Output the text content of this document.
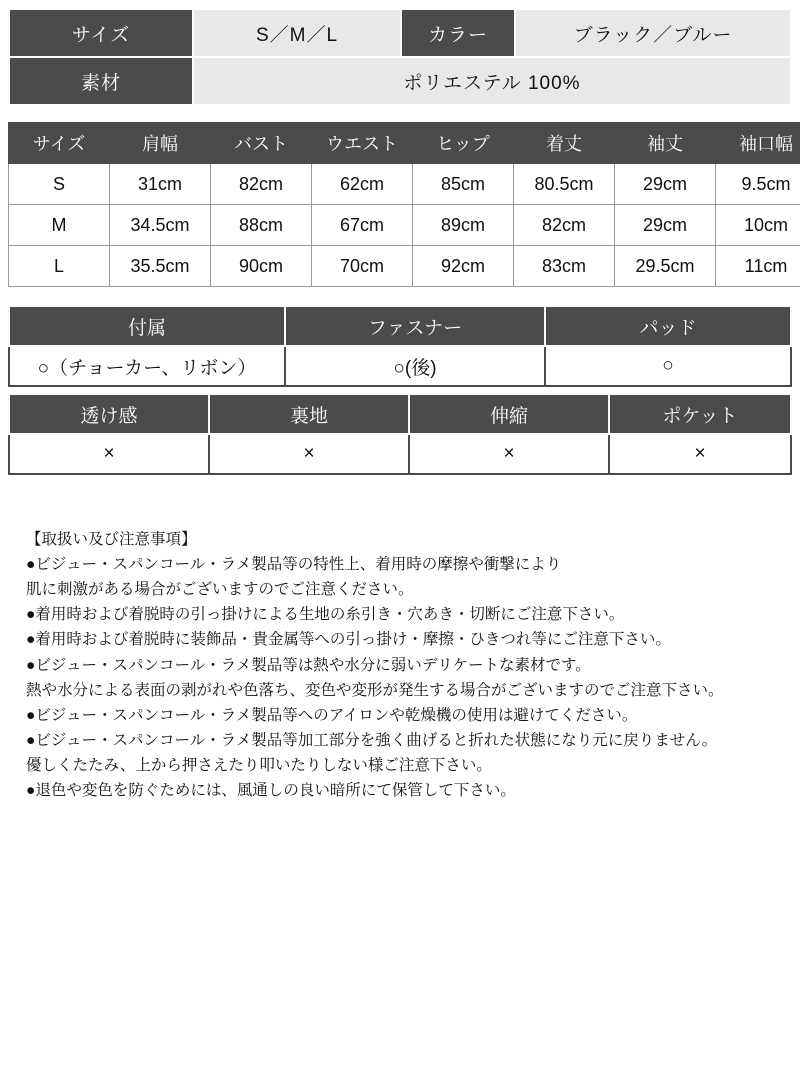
サイズ	S／M／L	カラー	ブラック／ブルー
素材	ポリエステル 100%		
サイズ	肩幅	バスト	ウエスト	ヒップ	着丈	袖丈	袖口幅
S	31cm	82cm	62cm	85cm	80.5cm	29cm	9.5cm
M	34.5cm	88cm	67cm	89cm	82cm	29cm	10cm
L	35.5cm	90cm	70cm	92cm	83cm	29.5cm	11cm
付属	ファスナー	パッド
○（チョーカー、リボン）	○(後)	○
透け感	裏地	伸縮	ポケット
×	×	×	×
【取扱い及び注意事項】
●ビジュー・スパンコール・ラメ製品等の特性上、着用時の摩擦や衝撃により
肌に刺激がある場合がございますのでご注意ください。
●着用時および着脱時の引っ掛けによる生地の糸引き・穴あき・切断にご注意下さい。
●着用時および着脱時に装飾品・貴金属等への引っ掛け・摩擦・ひきつれ等にご注意下さい。
●ビジュー・スパンコール・ラメ製品等は熱や水分に弱いデリケートな素材です。
熱や水分による表面の剥がれや色落ち、変色や変形が発生する場合がございますのでご注意下さい。
●ビジュー・スパンコール・ラメ製品等へのアイロンや乾燥機の使用は避けてください。
●ビジュー・スパンコール・ラメ製品等加工部分を強く曲げると折れた状態になり元に戻りません。
優しくたたみ、上から押さえたり叩いたりしない様ご注意下さい。
●退色や変色を防ぐためには、風通しの良い暗所にて保管して下さい。
